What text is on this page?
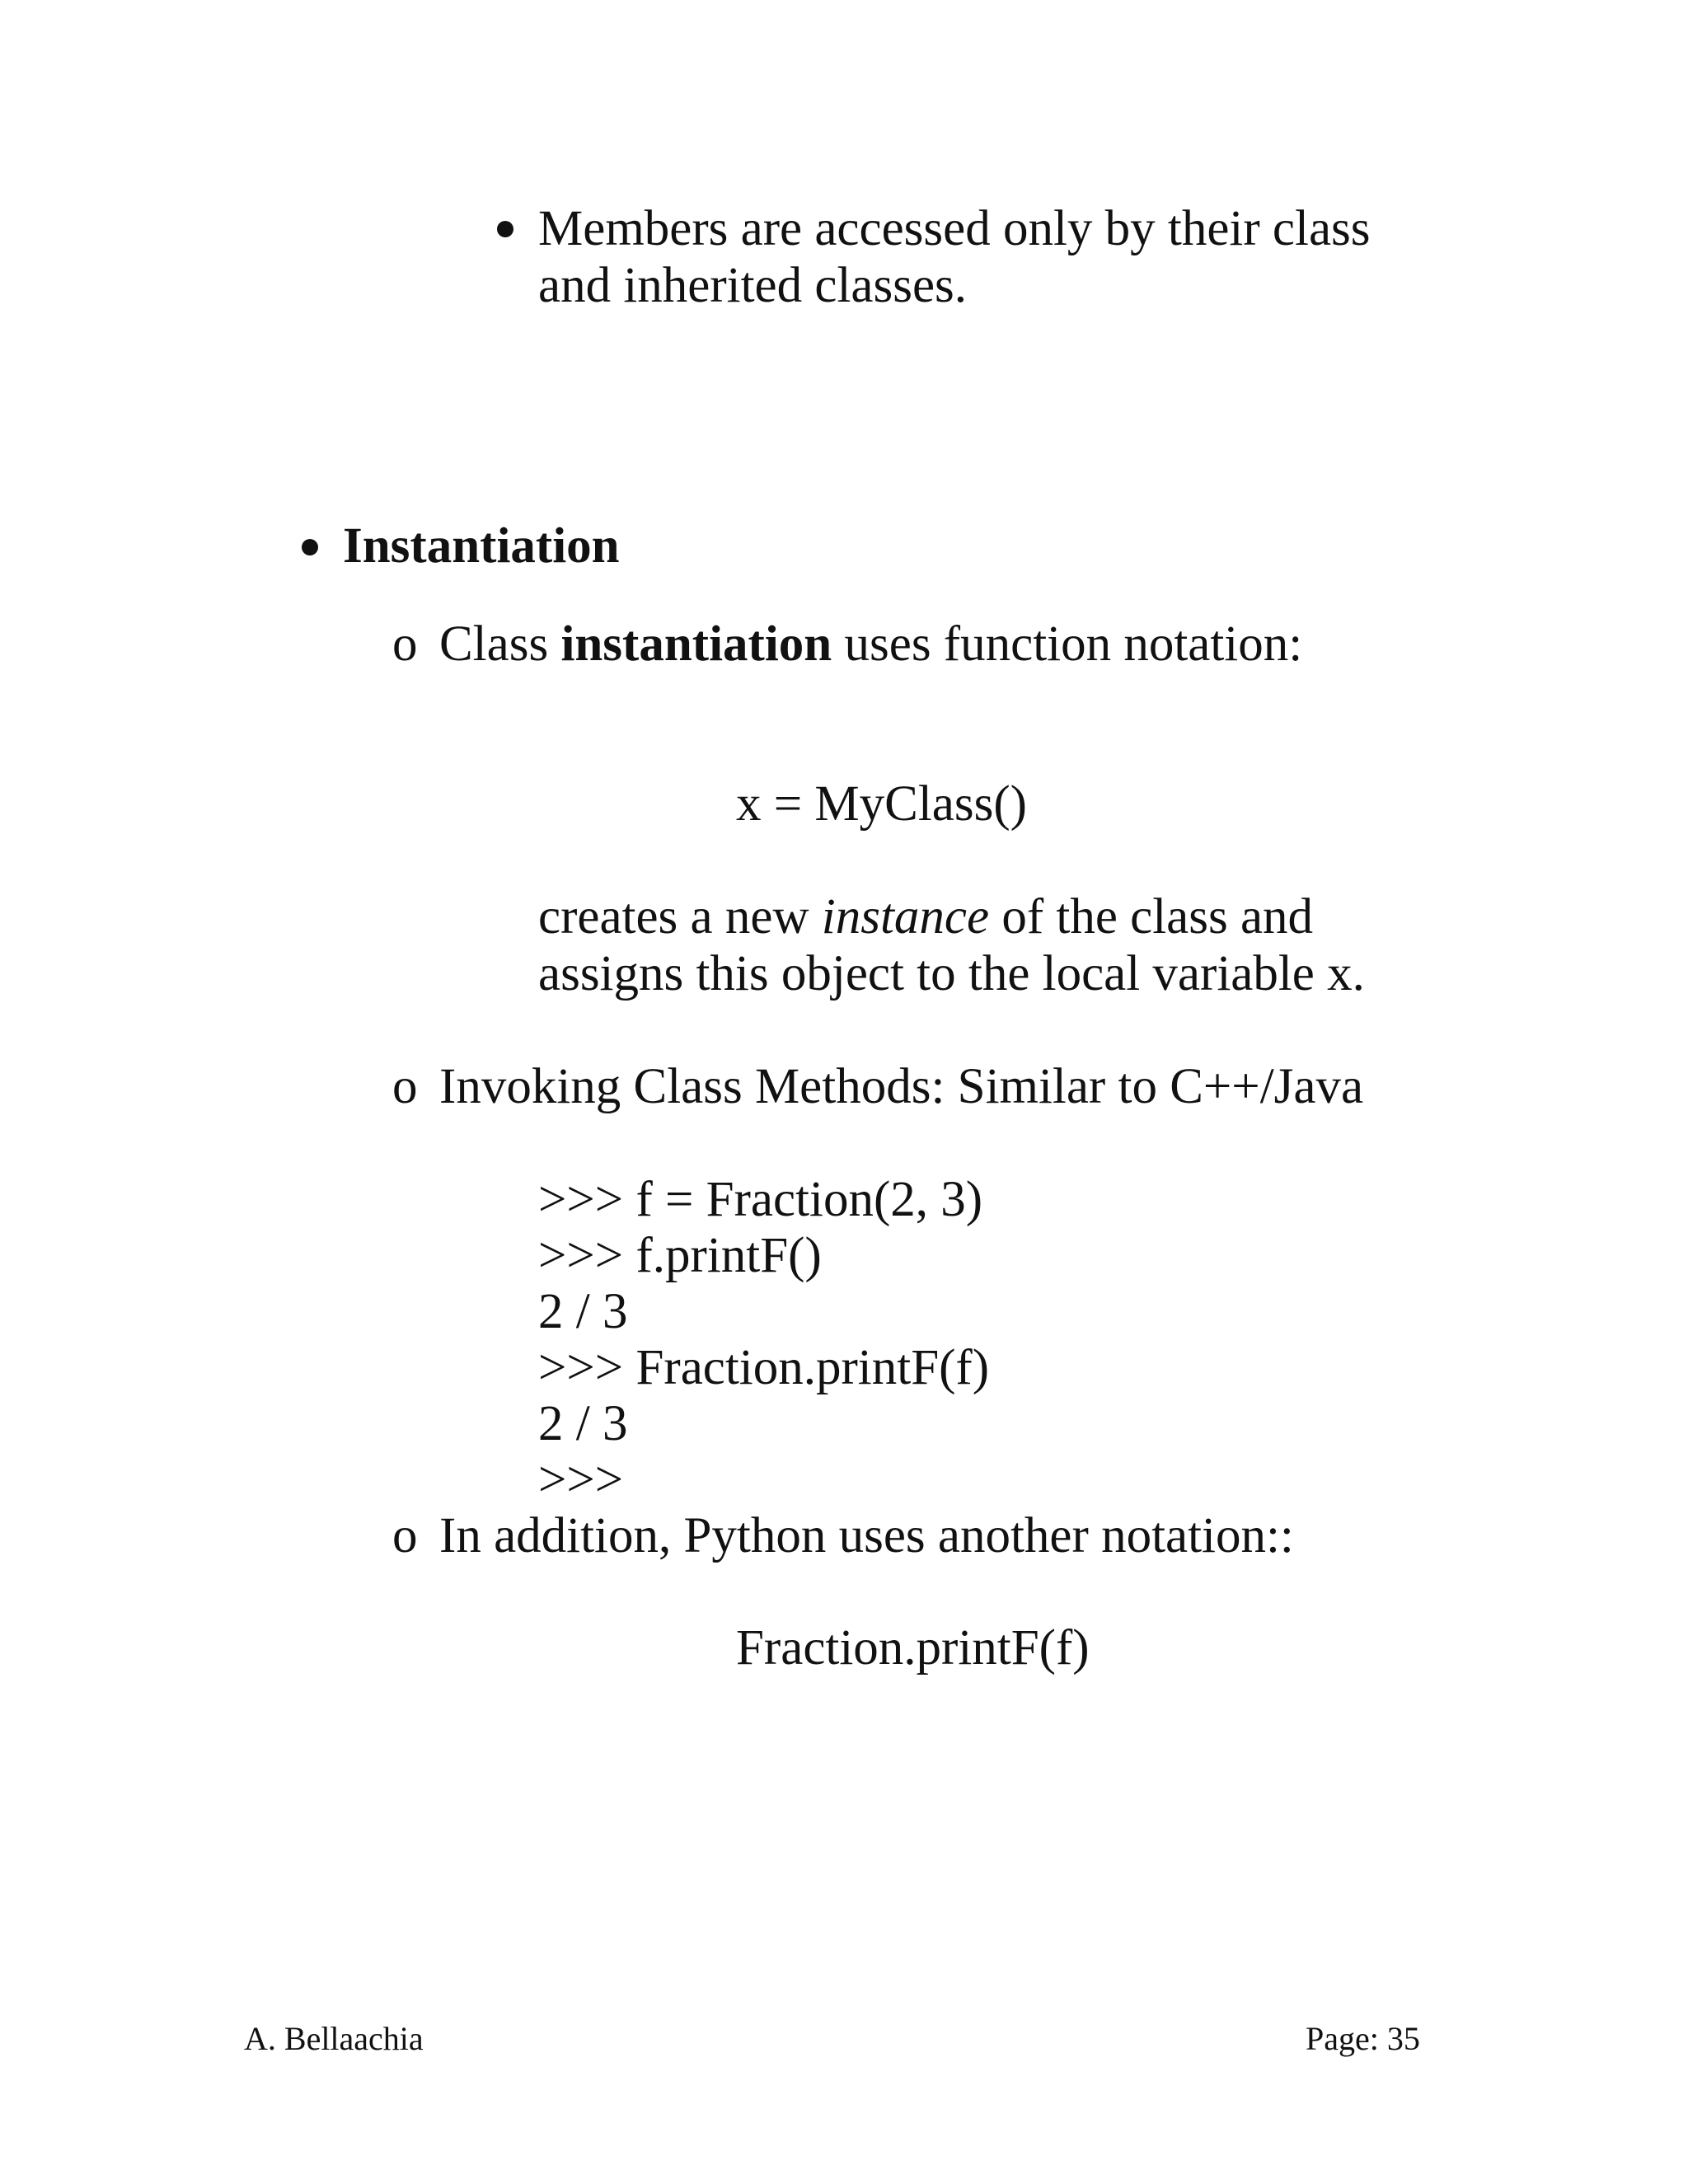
Members are accessed only by their class
and inherited classes.
Instantiation
o Class instantiation uses function notation:
x = MyClass()
creates a new instance of the class and
assigns this object to the local variable x.
o Invoking Class Methods: Similar to C++/Java
>>> f = Fraction(2, 3)
>>> f.printF()
2 / 3
>>> Fraction.printF(f)
2 / 3
>>>
o In addition, Python uses another notation::
Fraction.printF(f)
A. Bellaachia	Page: 35
